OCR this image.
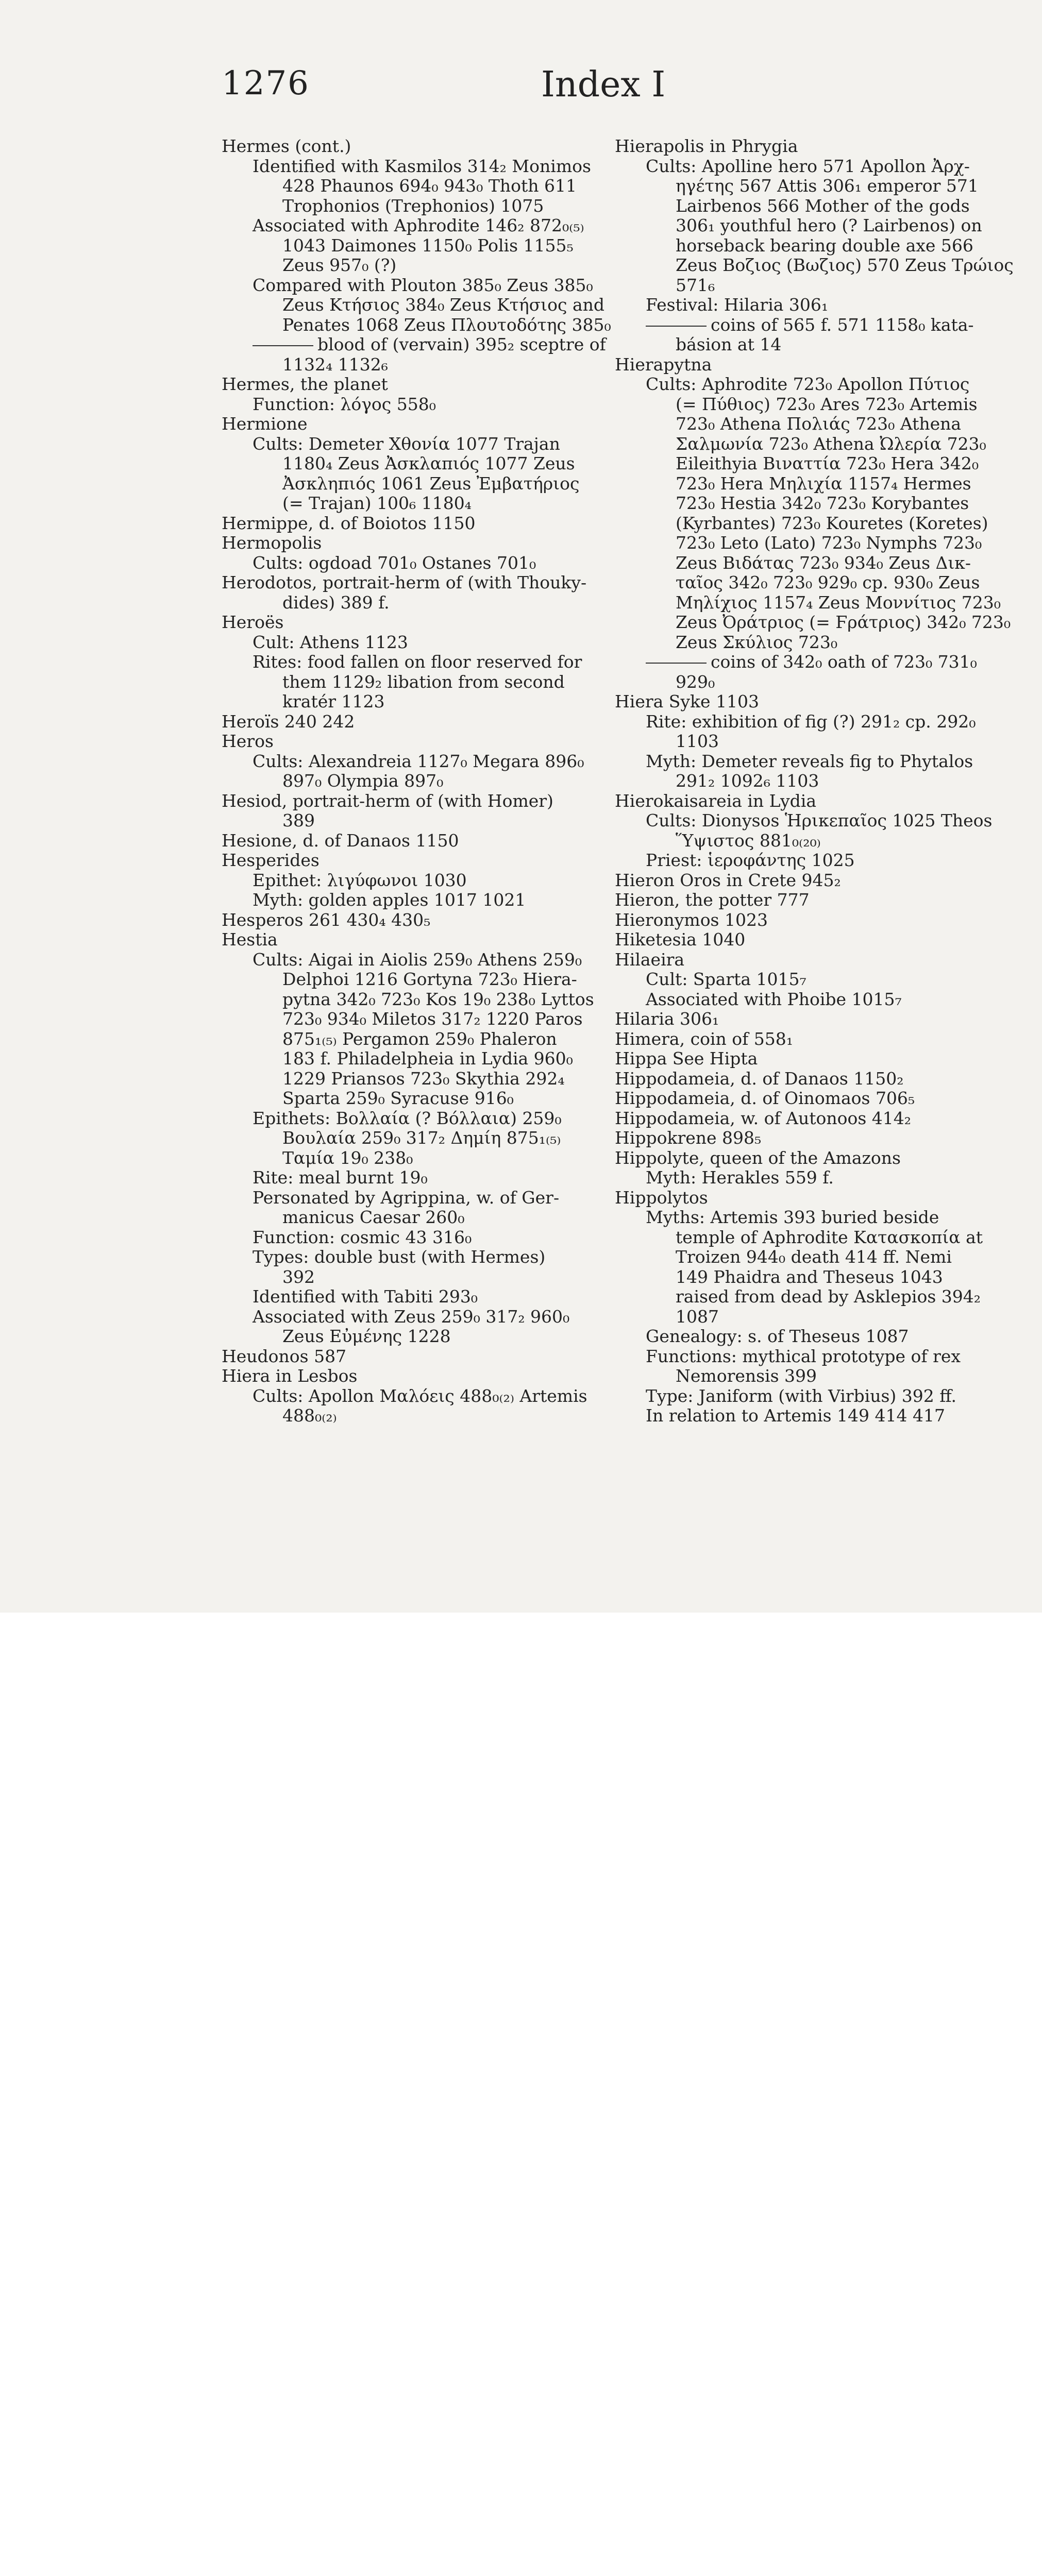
1276	Index I
Hermes (cont.)
Identified with Kasmilos 314₂ Monimos
428 Phaunos 694₀ 943₀ Thoth 611
Trophonios (Trephonios) 1075
Associated with Aphrodite 146₂ 872₀₍₅₎
1043 Daimones 1150₀ Polis 1155₅
Zeus 957₀ (?)
Compared with Plouton 385₀ Zeus 385₀
Zeus Κτήσιος 384₀ Zeus Κτήσιος and
Penates 1068 Zeus Πλουτοδότης 385₀
blood of (vervain) 395₂ sceptre of
1132₄ 1132₆
Hermes, the planet
Function: λόγος 558₀
Hermione
Cults: Demeter Χθονία 1077 Trajan
1180₄ Zeus Ἀσκλαπιός 1077 Zeus
Ἀσκληπιός 1061 Zeus Ἐμβατήριος
(= Trajan) 100₆ 1180₄
Hermippe, d. of Boiotos 1150
Hermopolis
Cults: ogdoad 701₀ Ostanes 701₀
Herodotos, portrait-herm of (with Thouky-
dides) 389 f.
Heroës
Cult: Athens 1123
Rites: food fallen on floor reserved for
them 1129₂ libation from second
kratér 1123
Heroïs 240 242
Heros
Cults: Alexandreia 1127₀ Megara 896₀
897₀ Olympia 897₀
Hesiod, portrait-herm of (with Homer)
389
Hesione, d. of Danaos 1150
Hesperides
Epithet: λιγύφωνοι 1030
Myth: golden apples 1017 1021
Hesperos 261 430₄ 430₅
Hestia
Cults: Aigai in Aiolis 259₀ Athens 259₀
Delphoi 1216 Gortyna 723₀ Hiera-
pytna 342₀ 723₀ Kos 19₀ 238₀ Lyttos
723₀ 934₀ Miletos 317₂ 1220 Paros
875₁₍₅₎ Pergamon 259₀ Phaleron
183 f. Philadelpheia in Lydia 960₀
1229 Priansos 723₀ Skythia 292₄
Sparta 259₀ Syracuse 916₀
Epithets: Βολλαία (? Βόλλαια) 259₀
Βουλαία 259₀ 317₂ Δημίη 875₁₍₅₎
Ταμία 19₀ 238₀
Rite: meal burnt 19₀
Personated by Agrippina, w. of Ger-
manicus Caesar 260₀
Function: cosmic 43 316₀
Types: double bust (with Hermes)
392
Identified with Tabiti 293₀
Associated with Zeus 259₀ 317₂ 960₀
Zeus Εὐμένης 1228
Heudonos 587
Hiera in Lesbos
Cults: Apollon Μαλόεις 488₀₍₂₎ Artemis
488₀₍₂₎
Hierapolis in Phrygia
Cults: Apolline hero 571 Apollon Ἀρχ-
ηγέτης 567 Attis 306₁ emperor 571
Lairbenos 566 Mother of the gods
306₁ youthful hero (? Lairbenos) on
horseback bearing double axe 566
Zeus Βοζιος (Βωζιος) 570 Zeus Τρώιος
571₆
Festival: Hilaria 306₁
coins of 565 f. 571 1158₀ kata-
básion at 14
Hierapytna
Cults: Aphrodite 723₀ Apollon Πύτιος
(= Πύθιος) 723₀ Ares 723₀ Artemis
723₀ Athena Πολιάς 723₀ Athena
Σαλμωνία 723₀ Athena Ὠλερία 723₀
Eileithyia Βιναττία 723₀ Hera 342₀
723₀ Hera Μηλιχία 1157₄ Hermes
723₀ Hestia 342₀ 723₀ Korybantes
(Kyrbantes) 723₀ Kouretes (Koretes)
723₀ Leto (Lato) 723₀ Nymphs 723₀
Zeus Βιδάτας 723₀ 934₀ Zeus Δικ-
ταῖος 342₀ 723₀ 929₀ cp. 930₀ Zeus
Μηλίχιος 1157₄ Zeus Μοννίτιος 723₀
Zeus Ὀράτριος (= Ϝράτριος) 342₀ 723₀
Zeus Σκύλιος 723₀
coins of 342₀ oath of 723₀ 731₀
929₀
Hiera Syke 1103
Rite: exhibition of fig (?) 291₂ cp. 292₀
1103
Myth: Demeter reveals fig to Phytalos
291₂ 1092₆ 1103
Hierokaisareia in Lydia
Cults: Dionysos Ἡρικεπαῖος 1025 Theos
Ὕψιστος 881₀₍₂₀₎
Priest: ἱεροφάντης 1025
Hieron Oros in Crete 945₂
Hieron, the potter 777
Hieronymos 1023
Hiketesia 1040
Hilaeira
Cult: Sparta 1015₇
Associated with Phoibe 1015₇
Hilaria 306₁
Himera, coin of 558₁
Hippa See Hipta
Hippodameia, d. of Danaos 1150₂
Hippodameia, d. of Oinomaos 706₅
Hippodameia, w. of Autonoos 414₂
Hippokrene 898₅
Hippolyte, queen of the Amazons
Myth: Herakles 559 f.
Hippolytos
Myths: Artemis 393 buried beside
temple of Aphrodite Κατασκοπία at
Troizen 944₀ death 414 ff. Nemi
149 Phaidra and Theseus 1043
raised from dead by Asklepios 394₂
1087
Genealogy: s. of Theseus 1087
Functions: mythical prototype of rex
Nemorensis 399
Type: Janiform (with Virbius) 392 ff.
In relation to Artemis 149 414 417
